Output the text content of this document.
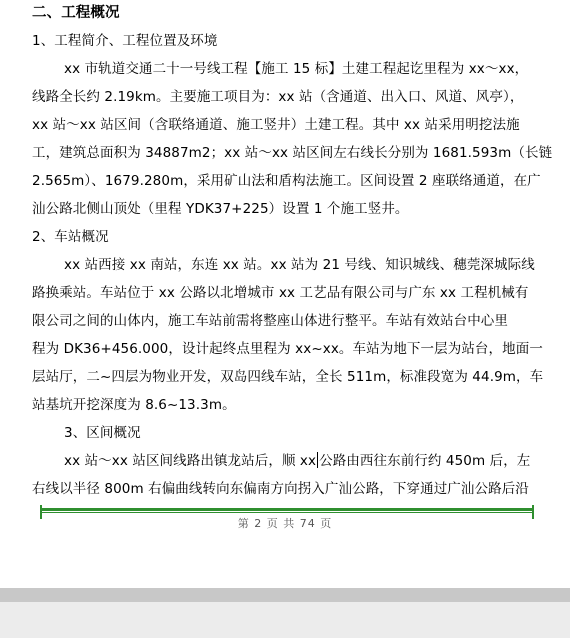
二、工程概况
1、工程简介、工程位置及环境
xx 市轨道交通二十一号线工程【施工 15 标】土建工程起讫里程为 xx～xx，
线路全长约 2.19km。主要施工项目为：xx 站（含通道、出入口、风道、风亭），
xx 站～xx 站区间（含联络通道、施工竖井）土建工程。其中 xx 站采用明挖法施
工，建筑总面积为 34887m2；xx 站～xx 站区间左右线长分别为 1681.593m（长链
2.565m）、1679.280m，采用矿山法和盾构法施工。区间设置 2 座联络通道，在广
汕公路北侧山顶处（里程 YDK37+225）设置 1 个施工竖井。
2、车站概况
xx 站西接 xx 南站，东连 xx 站。xx 站为 21 号线、知识城线、穗莞深城际线
路换乘站。车站位于 xx 公路以北增城市 xx 工艺品有限公司与广东 xx 工程机械有
限公司之间的山体内，施工车站前需将整座山体进行整平。车站有效站台中心里
程为 DK36+456.000，设计起终点里程为 xx~xx。车站为地下一层为站台，地面一
层站厅，二~四层为物业开发，双岛四线车站，全长 511m，标准段宽为 44.9m，车
站基坑开挖深度为 8.6~13.3m。
3、区间概况
xx 站～xx 站区间线路出镇龙站后，顺 xx 公路由西往东前行约 450m 后，左
右线以半径 800m 右偏曲线转向东偏南方向拐入广汕公路，下穿通过广汕公路后沿
第 2 页 共 74 页
